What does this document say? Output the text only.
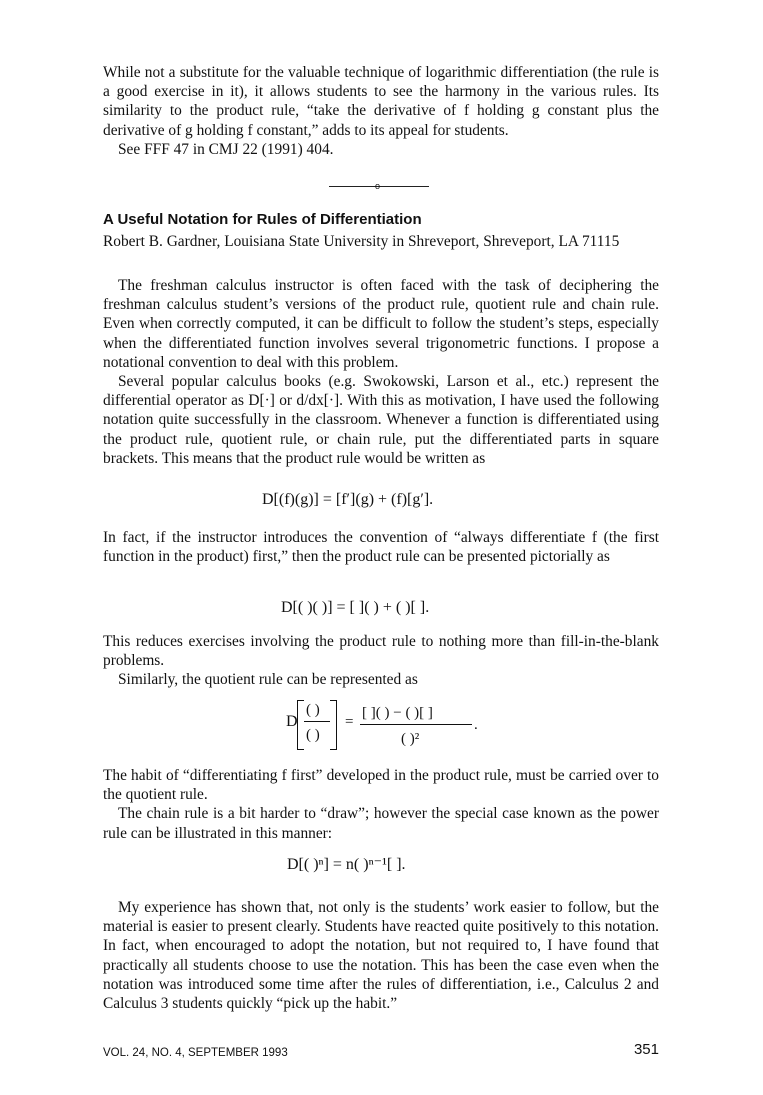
While not a substitute for the valuable technique of logarithmic differentiation (the rule is a good exercise in it), it allows students to see the harmony in the various rules. Its similarity to the product rule, “take the derivative of f holding g constant plus the derivative of g holding f constant,” adds to its appeal for students.

See FFF 47 in CMJ 22 (1991) 404.

o
A Useful Notation for Rules of Differentiation

Robert B. Gardner, Louisiana State University in Shreveport, Shreveport, LA 71115

The freshman calculus instructor is often faced with the task of deciphering the freshman calculus student’s versions of the product rule, quotient rule and chain rule. Even when correctly computed, it can be difficult to follow the student’s steps, especially when the differentiated function involves several trigonometric functions. I propose a notational convention to deal with this problem.

Several popular calculus books (e.g. Swokowski, Larson et al., etc.) represent the differential operator as D[·] or d/dx[·]. With this as motivation, I have used the following notation quite successfully in the classroom. Whenever a function is differentiated using the product rule, quotient rule, or chain rule, put the differentiated parts in square brackets. This means that the product rule would be written as

D[(f)(g)] = [f′](g) + (f)[g′].

In fact, if the instructor introduces the convention of “always differentiate f (the first function in the product) first,” then the product rule can be presented pictorially as

D[( )( )] = [ ]( ) + ( )[ ].

This reduces exercises involving the product rule to nothing more than fill-in-the-blank problems.

Similarly, the quotient rule can be represented as

D
( )
( )
=
[ ]( ) − ( )[ ]
( )²
.

The habit of “differentiating f first” developed in the product rule, must be carried over to the quotient rule.

The chain rule is a bit harder to “draw”; however the special case known as the power rule can be illustrated in this manner:

D[( )ⁿ] = n( )ⁿ⁻¹[ ].

My experience has shown that, not only is the students’ work easier to follow, but the material is easier to present clearly. Students have reacted quite positively to this notation. In fact, when encouraged to adopt the notation, but not required to, I have found that practically all students choose to use the notation. This has been the case even when the notation was introduced some time after the rules of differentiation, i.e., Calculus 2 and Calculus 3 students quickly “pick up the habit.”

VOL. 24, NO. 4, SEPTEMBER 1993	351
